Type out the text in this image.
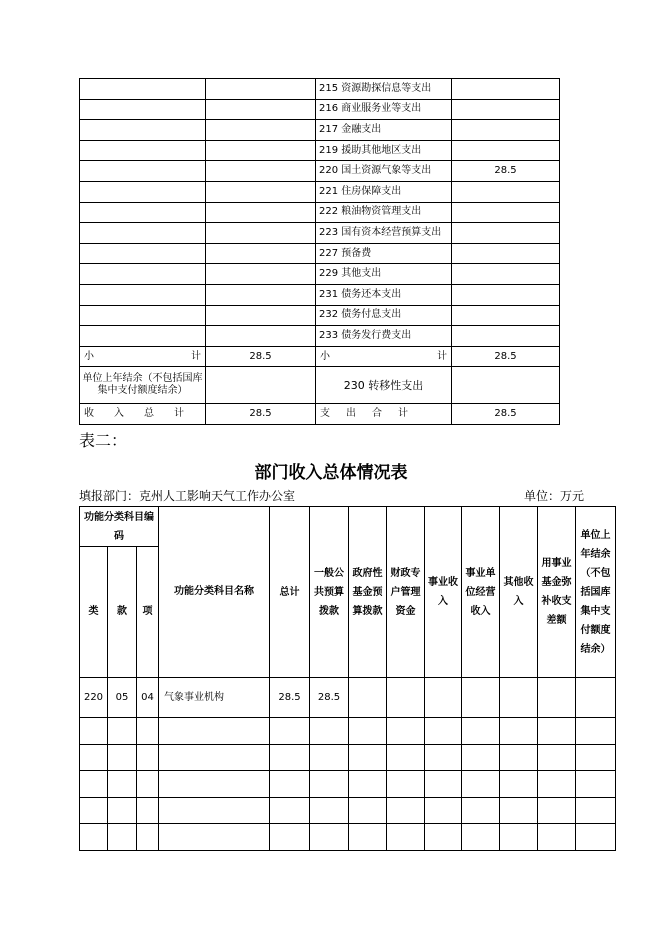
		215 资源勘探信息等支出	
		216 商业服务业等支出	
		217 金融支出	
		219 援助其他地区支出	
		220 国土资源气象等支出	28.5
		221 住房保障支出	
		222 粮油物资管理支出	
		223 国有资本经营预算支出	
		227 预备费	
		229 其他支出	
		231 债务还本支出	
		232 债务付息支出	
		233 债务发行费支出	

小 计	28.5	小 计	28.5
单位上年结余（不包括国库集中支付额度结余）		230 转移性支出	

收 入 总 计	28.5	支 出 合 计	28.5
表二：
部门收入总体情况表
填报部门：克州人工影响天气工作办公室	单位：万元
功能分类科目编码			功能分类科目名称	总计	一般公共预算拨款	政府性基金预算拨款	财政专户管理资金	事业收入	事业单位经营收入	其他收入	用事业基金弥补收支差额	单位上年结余（不包括国库集中支付额度结余）
类	款	项										
220	05	04	气象事业机构	28.5	28.5							
